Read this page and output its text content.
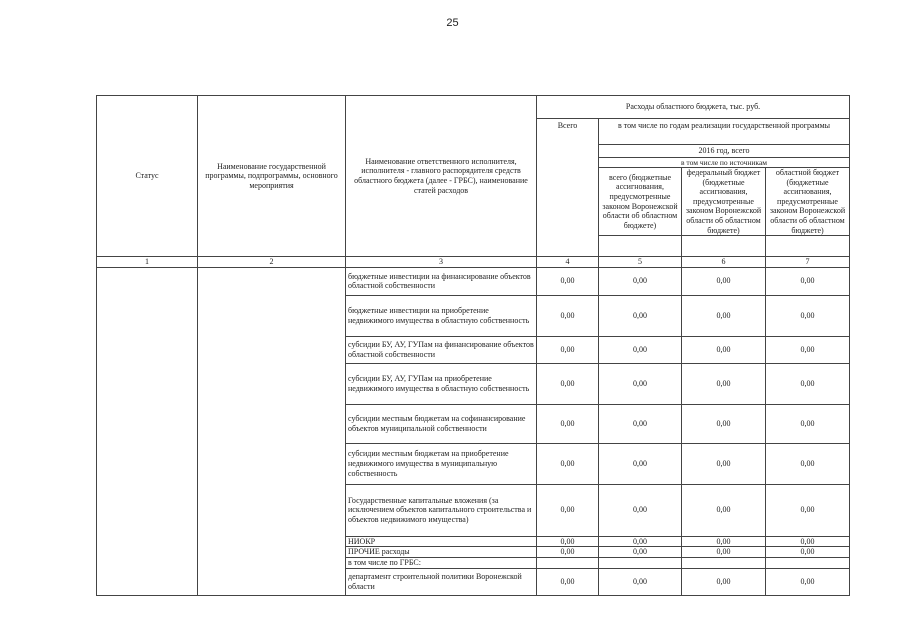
25
Статус	Наименование государственной программы, подпрограммы, основного мероприятия	Наименование ответственного исполнителя, исполнителя - главного распорядителя средств областного бюджета (далее - ГРБС), наименование статей расходов	Расходы областного бюджета, тыс. руб.			
			Всего	в том числе по годам реализации государственной программы		
				2016 год, всего		
				в том числе по источникам		
				всего (бюджетные ассигнования, предусмотренные законом Воронежской области об областном бюджете)	федеральный бюджет (бюджетные ассигнования, предусмотренные законом Воронежской области об областном бюджете)	областной бюджет (бюджетные ассигнования, предусмотренные законом Воронежской области об областном бюджете)

1	2	3	4	5	6	7
		бюджетные инвестиции на финансирование объектов областной собственности	0,00	0,00	0,00	0,00
		бюджетные инвестиции на приобретение недвижимого имущества в областную собственность	0,00	0,00	0,00	0,00
		субсидии БУ, АУ, ГУПам на финансирование объектов областной собственности	0,00	0,00	0,00	0,00
		субсидии БУ, АУ, ГУПам на приобретение недвижимого имущества в областную собственность	0,00	0,00	0,00	0,00
		субсидии местным бюджетам на софинансирование объектов муниципальной собственности	0,00	0,00	0,00	0,00
		субсидии местным бюджетам на приобретение недвижимого имущества в муниципальную собственность	0,00	0,00	0,00	0,00
		Государственные капитальные вложения (за исключением объектов капитального строительства и объектов недвижимого имущества)	0,00	0,00	0,00	0,00
		НИОКР	0,00	0,00	0,00	0,00
		ПРОЧИЕ расходы	0,00	0,00	0,00	0,00
		в том числе по ГРБС:				
		департамент строительной политики Воронежской области	0,00	0,00	0,00	0,00
